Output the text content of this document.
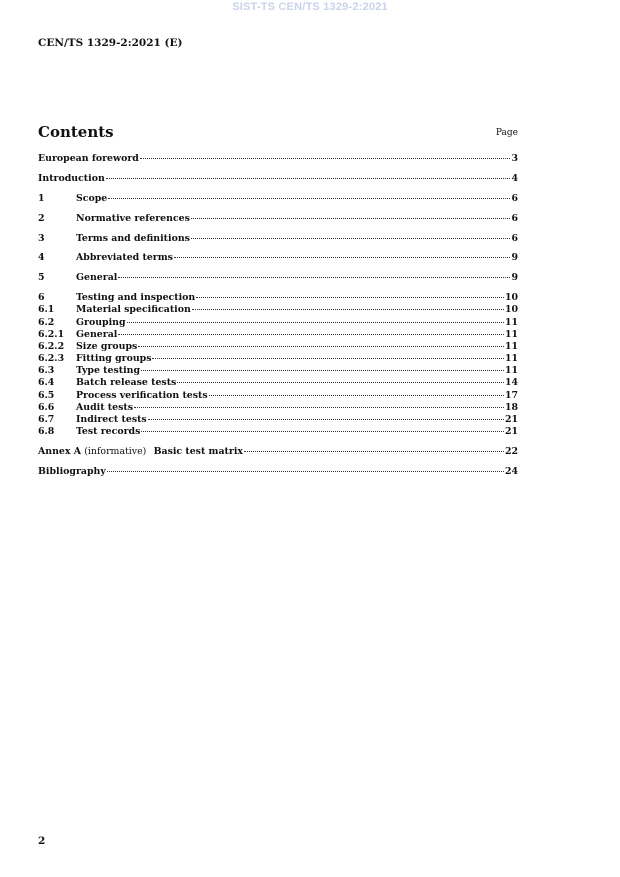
SIST-TS CEN/TS 1329-2:2021
CEN/TS 1329-2:2021 (E)
Contents	Page
European foreword	3
Introduction	4
1	Scope	6
2	Normative references	6
3	Terms and definitions	6
4	Abbreviated terms	9
5	General	9
6	Testing and inspection	10
6.1	Material specification	10
6.2	Grouping	11
6.2.1	General	11
6.2.2	Size groups	11
6.2.3	Fitting groups	11
6.3	Type testing	11
6.4	Batch release tests	14
6.5	Process verification tests	17
6.6	Audit tests	18
6.7	Indirect tests	21
6.8	Test records	21
Annex A (informative) Basic test matrix	22
Bibliography	24
2
